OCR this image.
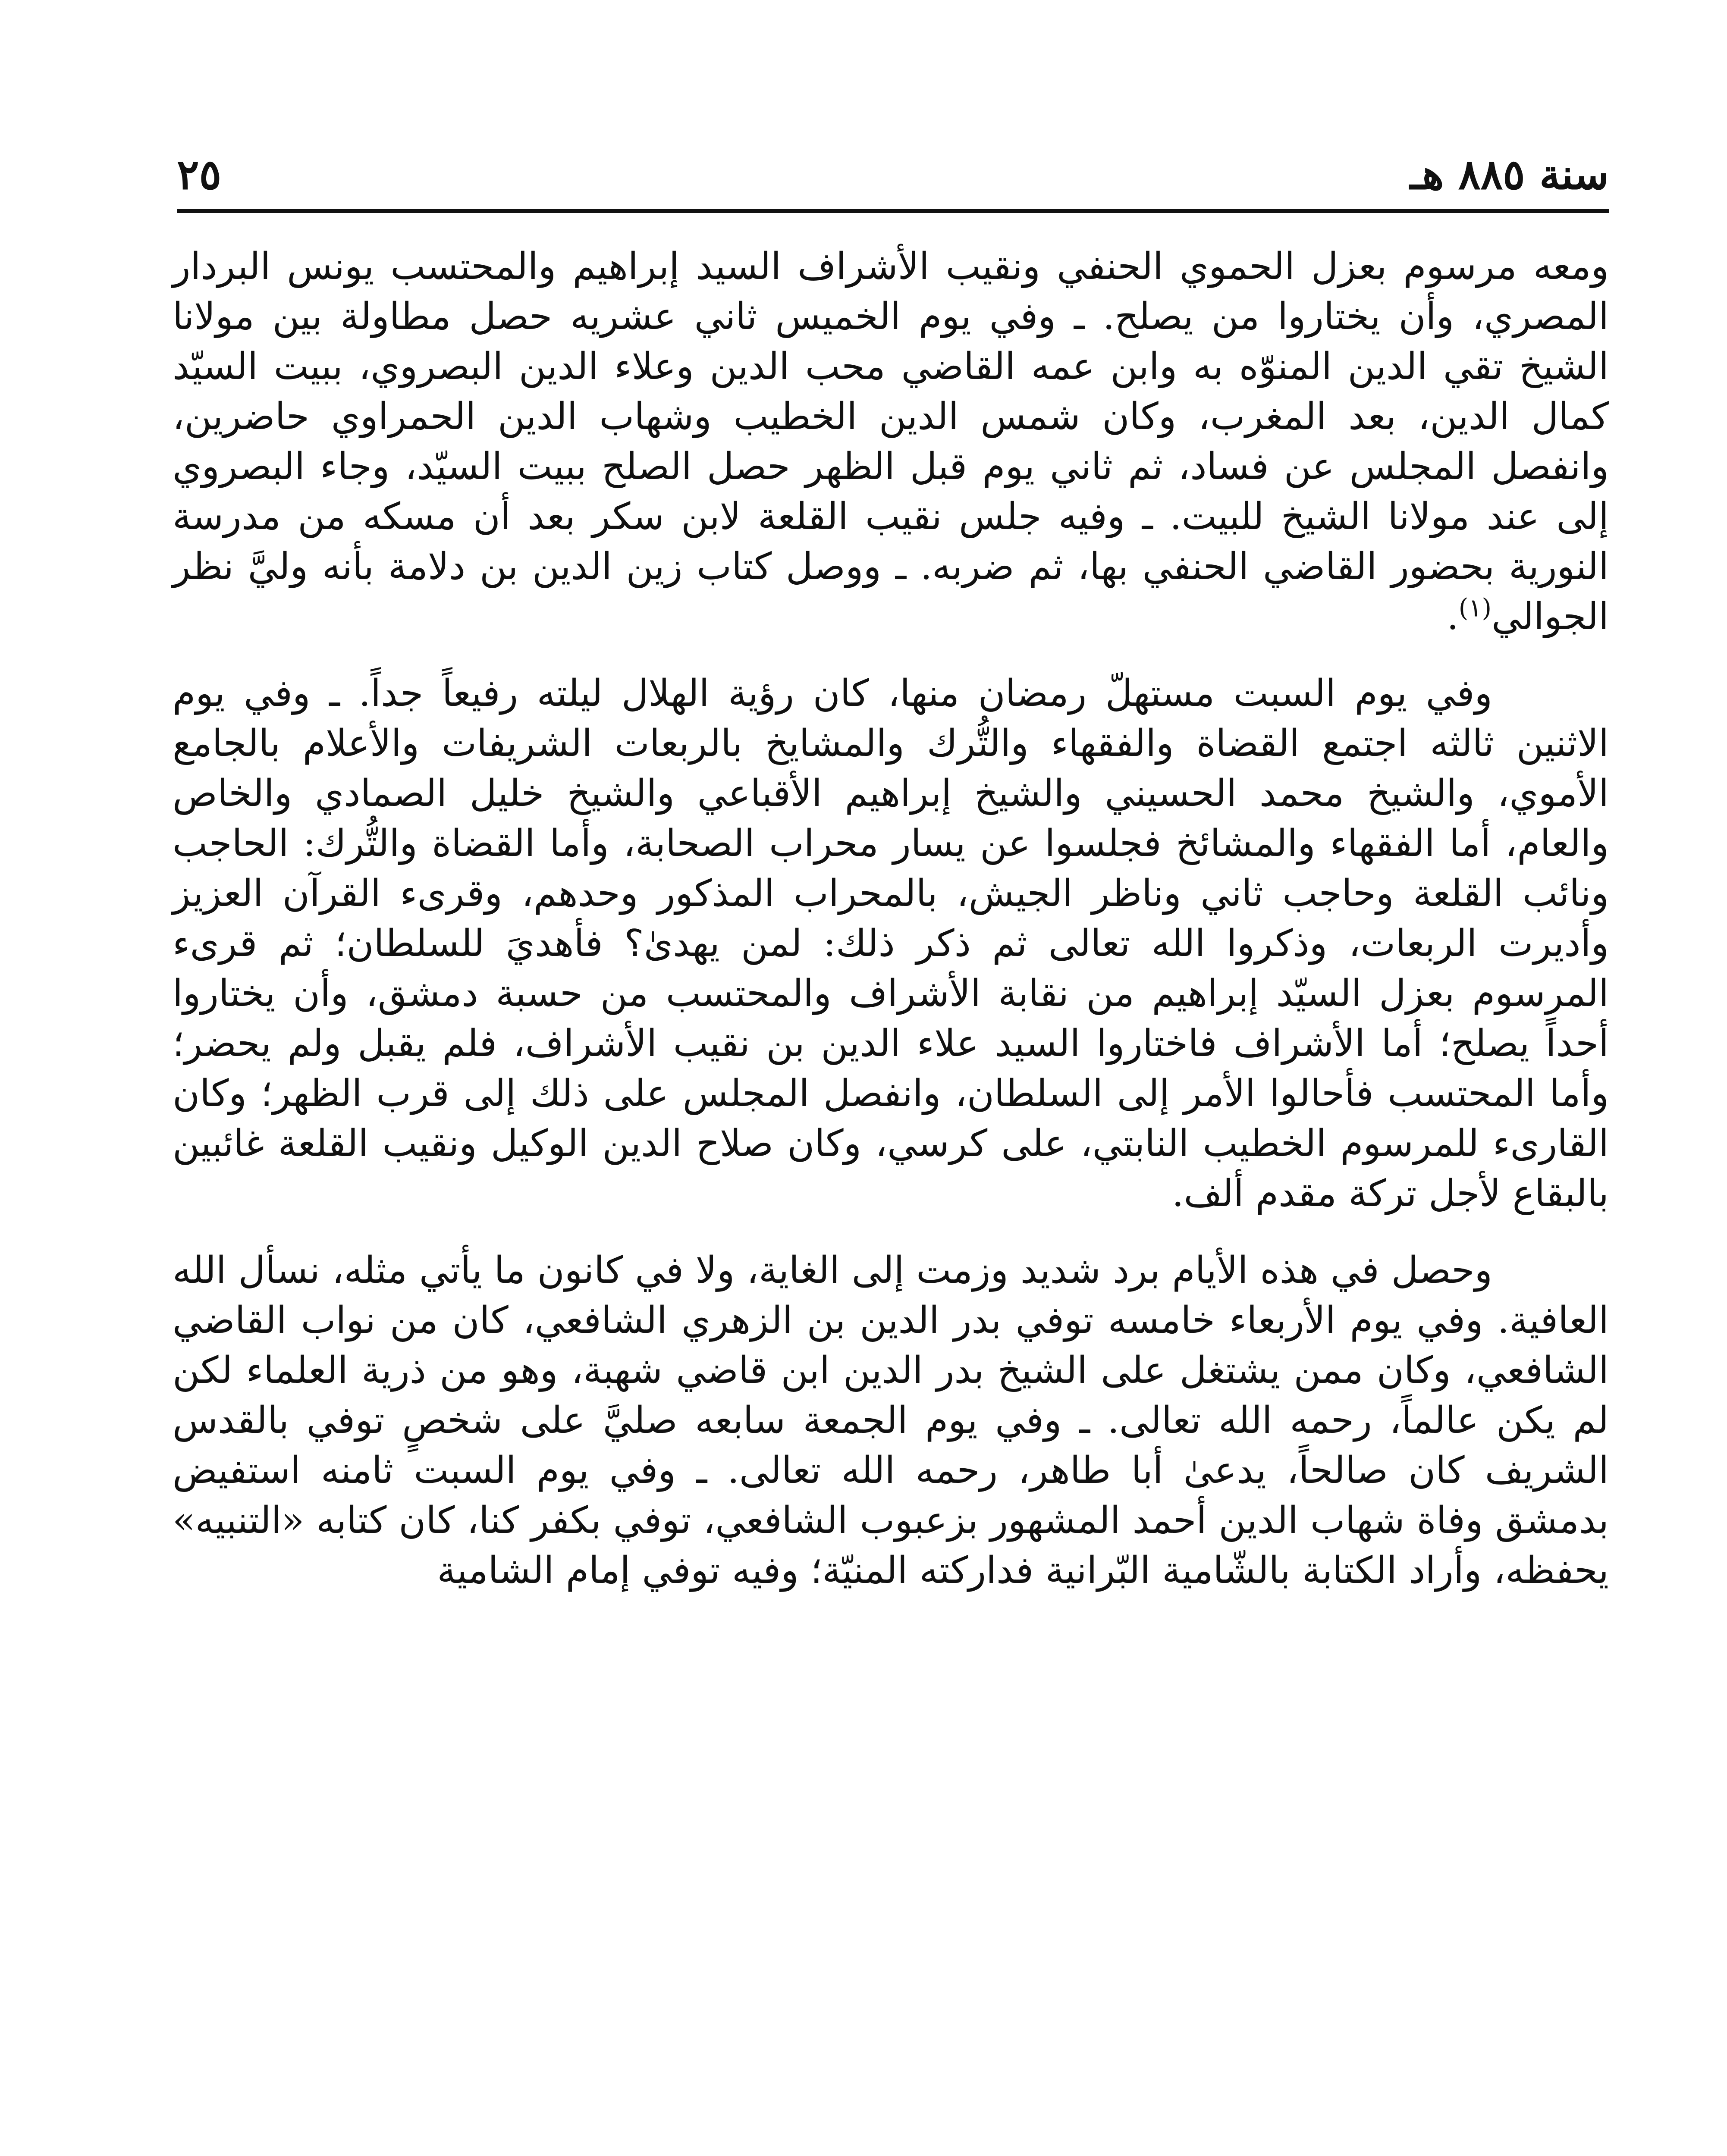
سنة ٨٨٥ هـ
٢٥

ومعه مرسوم بعزل الحموي الحنفي ونقيب الأشراف السيد إبراهيم والمحتسب يونس البردار المصري، وأن يختاروا من يصلح. ـ وفي يوم الخميس ثاني عشريه حصل مطاولة بين مولانا الشيخ تقي الدين المنوّه به وابن عمه القاضي محب الدين وعلاء الدين البصروي، ببيت السيّد كمال الدين، بعد المغرب، وكان شمس الدين الخطيب وشهاب الدين الحمراوي حاضرين، وانفصل المجلس عن فساد، ثم ثاني يوم قبل الظهر حصل الصلح ببيت السيّد، وجاء البصروي إلى عند مولانا الشيخ للبيت. ـ وفيه جلس نقيب القلعة لابن سكر بعد أن مسكه من مدرسة النورية بحضور القاضي الحنفي بها، ثم ضربه. ـ ووصل كتاب زين الدين بن دلامة بأنه وليَّ نظر الجوالي$^{(١)}$.

وفي يوم السبت مستهلّ رمضان منها، كان رؤية الهلال ليلته رفيعاً جداً. ـ وفي يوم الاثنين ثالثه اجتمع القضاة والفقهاء والتُّرك والمشايخ بالربعات الشريفات والأعلام بالجامع الأموي، والشيخ محمد الحسيني والشيخ إبراهيم الأقباعي والشيخ خليل الصمادي والخاص والعام، أما الفقهاء والمشائخ فجلسوا عن يسار محراب الصحابة، وأما القضاة والتُّرك: الحاجب ونائب القلعة وحاجب ثاني وناظر الجيش، بالمحراب المذكور وحدهم، وقرىء القرآن العزيز وأديرت الربعات، وذكروا الله تعالى ثم ذكر ذلك: لمن يهدىٰ؟ فأهديَ للسلطان؛ ثم قرىء المرسوم بعزل السيّد إبراهيم من نقابة الأشراف والمحتسب من حسبة دمشق، وأن يختاروا أحداً يصلح؛ أما الأشراف فاختاروا السيد علاء الدين بن نقيب الأشراف، فلم يقبل ولم يحضر؛ وأما المحتسب فأحالوا الأمر إلى السلطان، وانفصل المجلس على ذلك إلى قرب الظهر؛ وكان القارىء للمرسوم الخطيب النابتي، على كرسي، وكان صلاح الدين الوكيل ونقيب القلعة غائبين بالبقاع لأجل تركة مقدم ألف.

وحصل في هذه الأيام برد شديد وزمت إلى الغاية، ولا في كانون ما يأتي مثله، نسأل الله العافية. وفي يوم الأربعاء خامسه توفي بدر الدين بن الزهري الشافعي، كان من نواب القاضي الشافعي، وكان ممن يشتغل على الشيخ بدر الدين ابن قاضي شهبة، وهو من ذرية العلماء لكن لم يكن عالماً، رحمه الله تعالى. ـ وفي يوم الجمعة سابعه صليَّ على شخصٍ توفي بالقدس الشريف كان صالحاً، يدعىٰ أبا طاهر، رحمه الله تعالى. ـ وفي يوم السبت ثامنه استفيض بدمشق وفاة شهاب الدين أحمد المشهور بزعبوب الشافعي، توفي بكفر كنا، كان كتابه «التنبيه» يحفظه، وأراد الكتابة بالشّامية البّرانية فداركته المنيّة؛ وفيه توفي إمام الشامية
